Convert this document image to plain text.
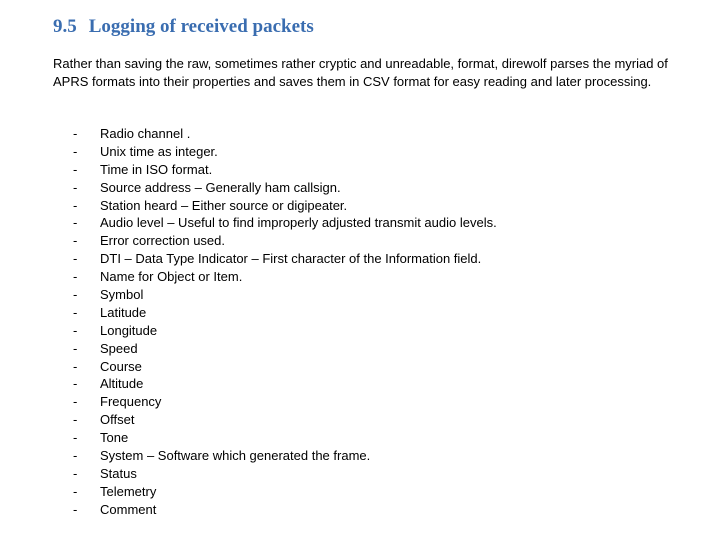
9.5 Logging of received packets

Rather than saving the raw, sometimes rather cryptic and unreadable, format, direwolf parses the myriad of APRS formats into their properties and saves them in CSV format for easy reading and later processing.

-	Radio channel .
-	Unix time as integer.
-	Time in ISO format.
-	Source address – Generally ham callsign.
-	Station heard – Either source or digipeater.
-	Audio level – Useful to find improperly adjusted transmit audio levels.
-	Error correction used.
-	DTI – Data Type Indicator – First character of the Information field.
-	Name for Object or Item.
-	Symbol
-	Latitude
-	Longitude
-	Speed
-	Course
-	Altitude
-	Frequency
-	Offset
-	Tone
-	System – Software which generated the frame.
-	Status
-	Telemetry
-	Comment
